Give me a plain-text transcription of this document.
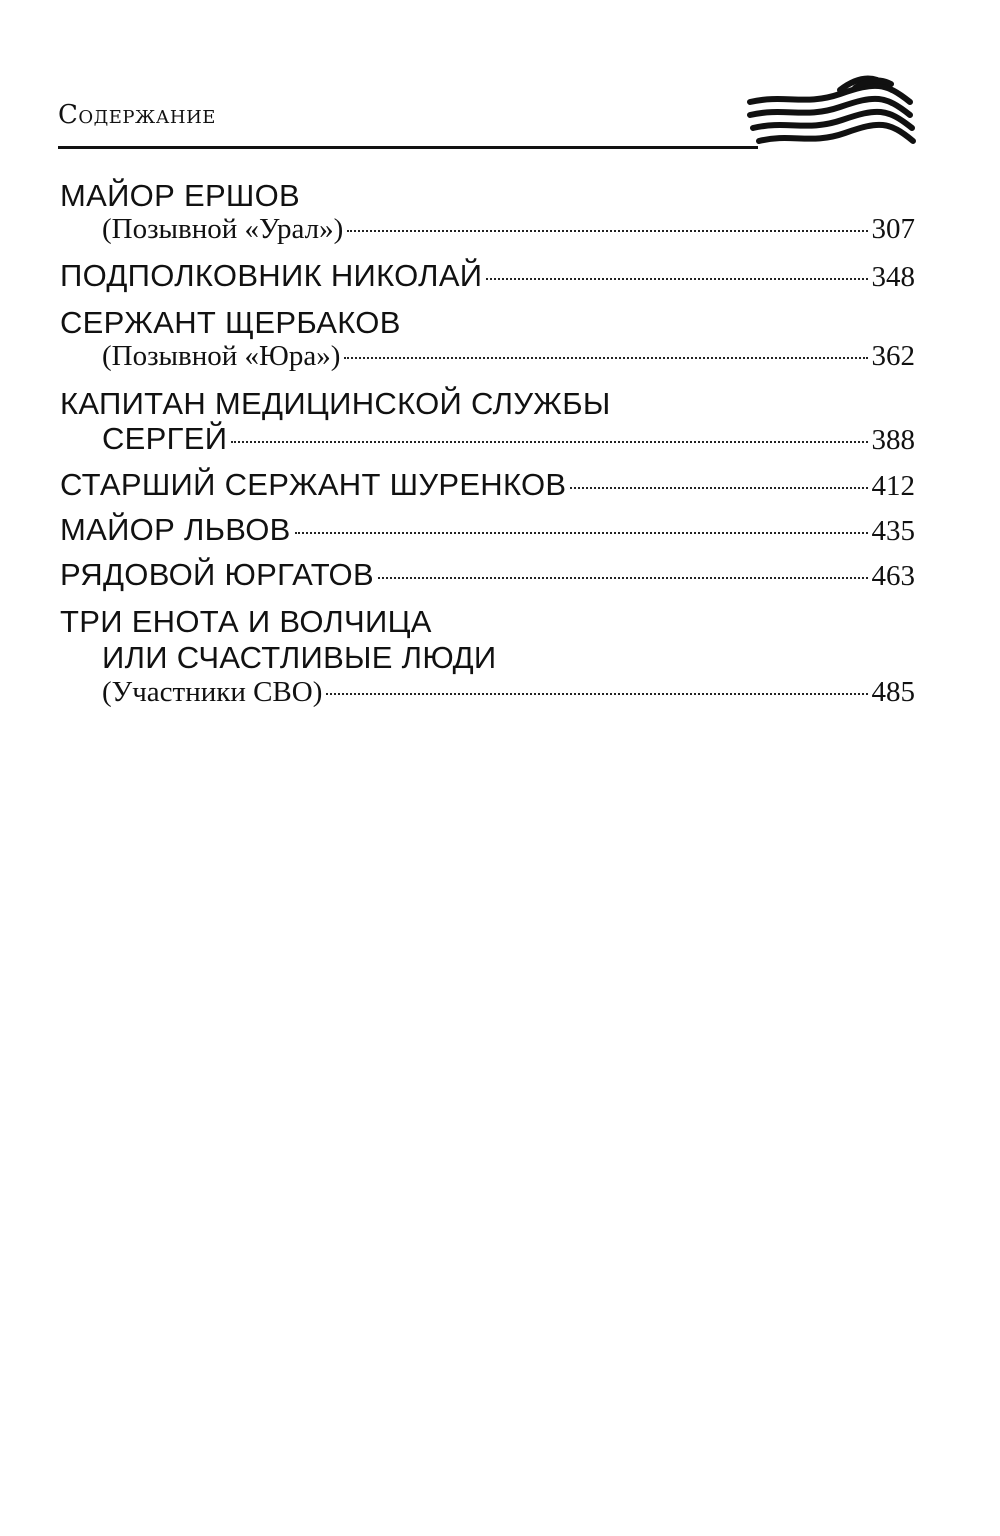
Содержание
МАЙОР ЕРШОВ
(Позывной «Урал»)	307
ПОДПОЛКОВНИК НИКОЛАЙ	348
СЕРЖАНТ ЩЕРБАКОВ
(Позывной «Юра»)	362
КАПИТАН МЕДИЦИНСКОЙ СЛУЖБЫ
СЕРГЕЙ	388
СТАРШИЙ СЕРЖАНТ ШУРЕНКОВ	412
МАЙОР ЛЬВОВ	435
РЯДОВОЙ ЮРГАТОВ	463
ТРИ ЕНОТА И ВОЛЧИЦА
ИЛИ СЧАСТЛИВЫЕ ЛЮДИ
(Участники СВО)	485
